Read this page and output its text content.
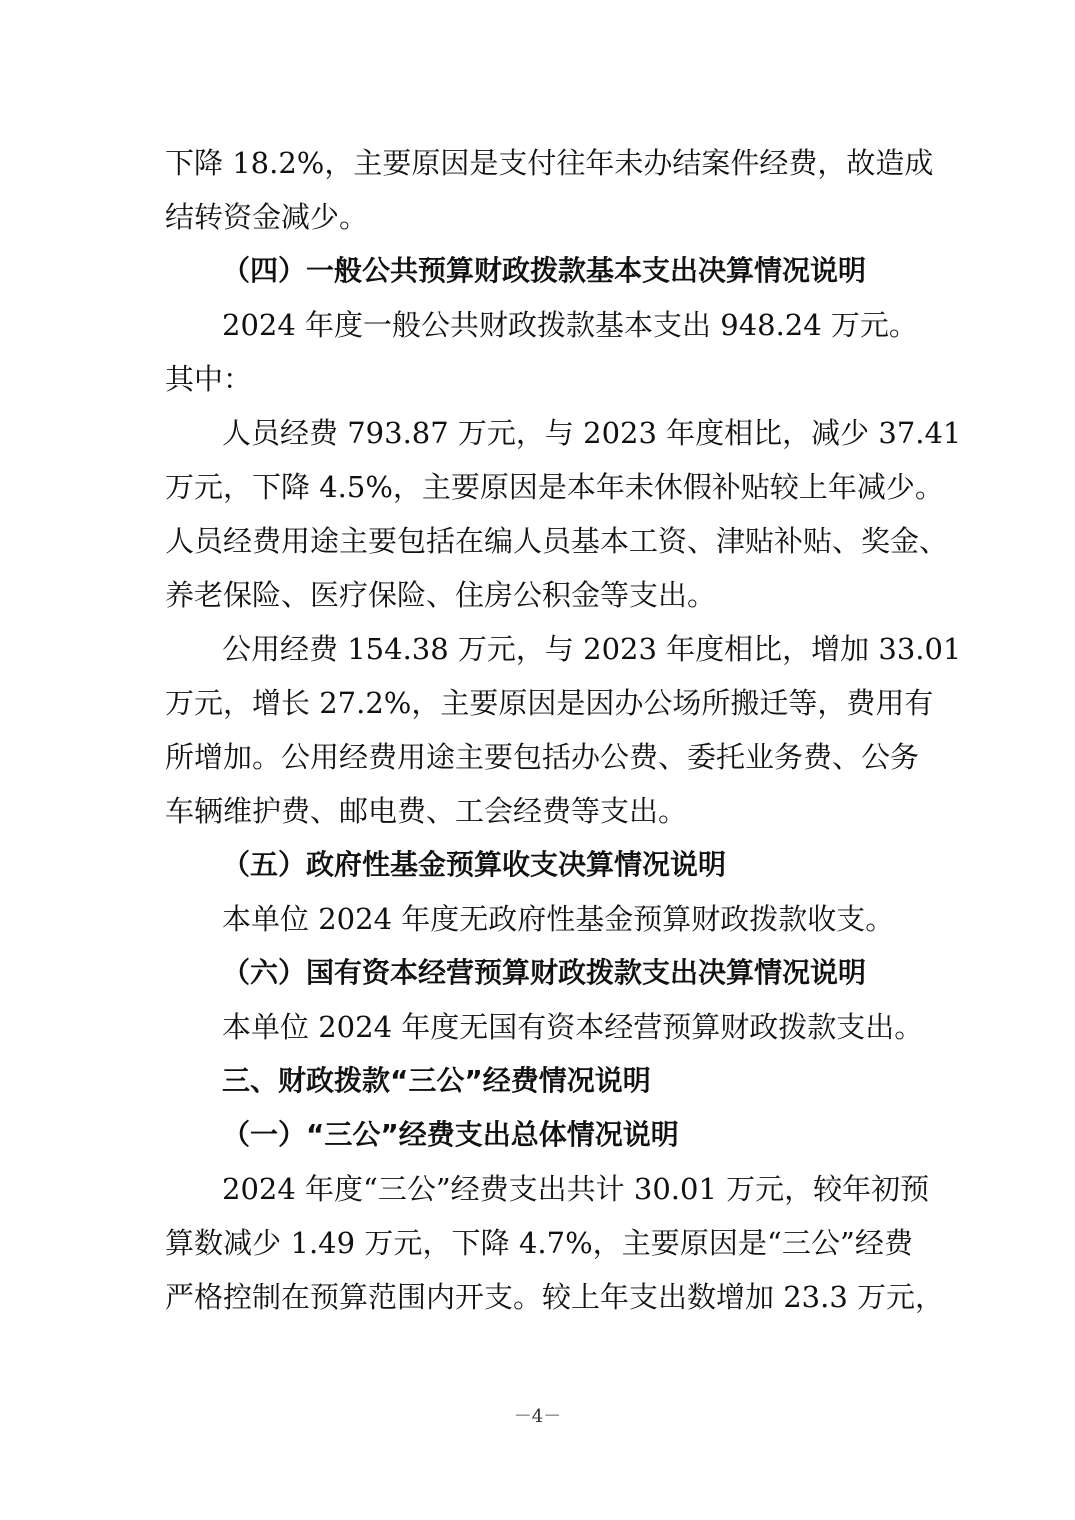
下降 18.2%，主要原因是支付往年未办结案件经费，故造成
结转资金减少。
（四）一般公共预算财政拨款基本支出决算情况说明
2024 年度一般公共财政拨款基本支出 948.24 万元。
其中：
人员经费 793.87 万元，与 2023 年度相比，减少 37.41
万元，下降 4.5%，主要原因是本年未休假补贴较上年减少。
人员经费用途主要包括在编人员基本工资、津贴补贴、奖金、
养老保险、医疗保险、住房公积金等支出。
公用经费 154.38 万元，与 2023 年度相比，增加 33.01
万元，增长 27.2%，主要原因是因办公场所搬迁等，费用有
所增加。公用经费用途主要包括办公费、委托业务费、公务
车辆维护费、邮电费、工会经费等支出。
（五）政府性基金预算收支决算情况说明
本单位 2024 年度无政府性基金预算财政拨款收支。
（六）国有资本经营预算财政拨款支出决算情况说明
本单位 2024 年度无国有资本经营预算财政拨款支出。
三、财政拨款“三公”经费情况说明
（一）“三公”经费支出总体情况说明
2024 年度“三公”经费支出共计 30.01 万元，较年初预
算数减少 1.49 万元，下降 4.7%，主要原因是“三公”经费
严格控制在预算范围内开支。较上年支出数增加 23.3 万元，
－4－
